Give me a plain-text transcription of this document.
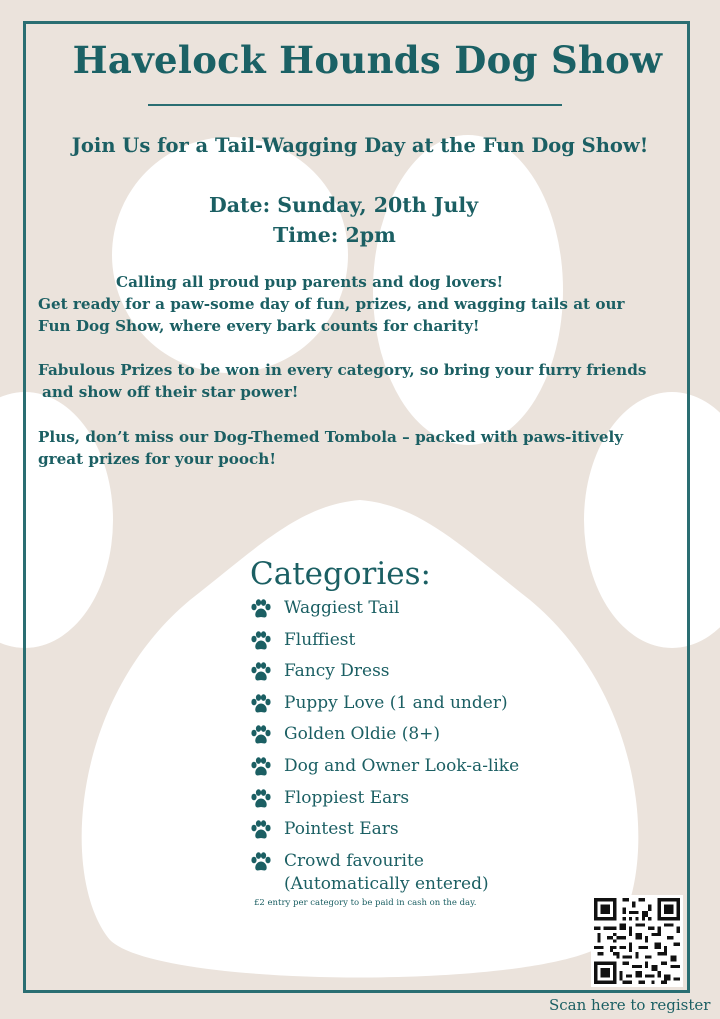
Havelock Hounds Dog Show
Join Us for a Tail-Wagging Day at the Fun Dog Show!
Date: Sunday, 20th July
Time: 2pm
Calling all proud pup parents and dog lovers!
Get ready for a paw-some day of fun, prizes, and wagging tails at our
Fun Dog Show, where every bark counts for charity!
Fabulous Prizes to be won in every category, so bring your furry friends
and show off their star power!
Plus, don’t miss our Dog-Themed Tombola – packed with paws-itively
great prizes for your pooch!
Categories:
Waggiest Tail
Fluffiest
Fancy Dress
Puppy Love (1 and under)
Golden Oldie (8+)
Dog and Owner Look-a-like
Floppiest Ears
Pointest Ears
Crowd favourite
(Automatically entered)
£2 entry per category to be paid in cash on the day.
Scan here to register
